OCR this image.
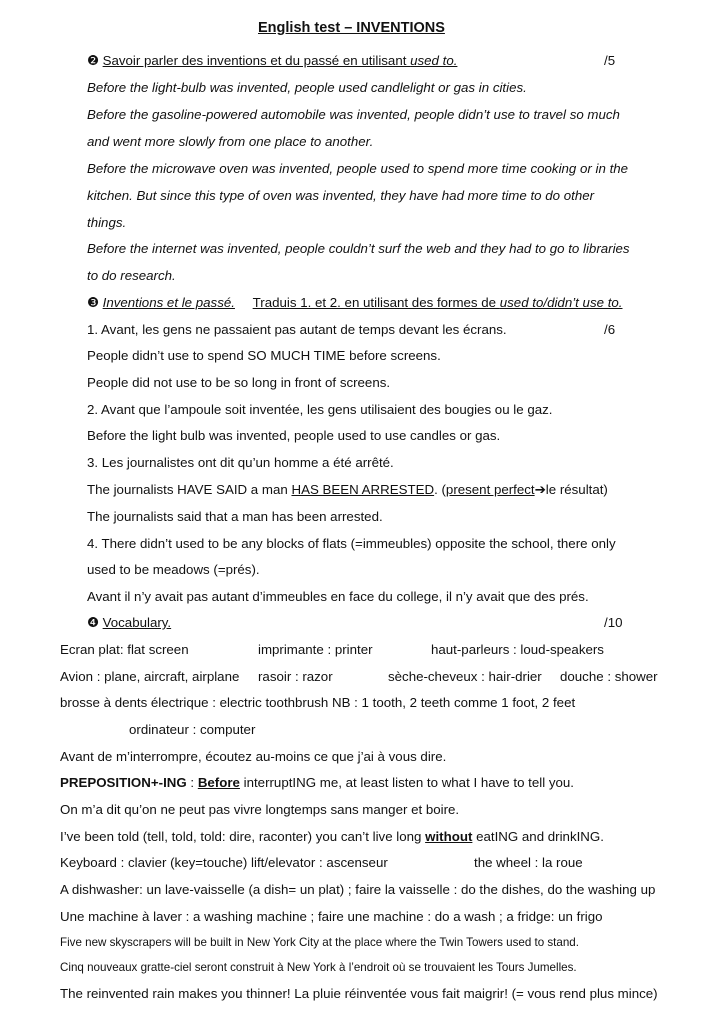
English test – INVENTIONS
❷ Savoir parler des inventions et du passé en utilisant used to.	/5
Before the light-bulb was invented, people used candlelight or gas in cities.
Before the gasoline-powered automobile was invented, people didn’t use to travel so much
and went more slowly from one place to another.
Before the microwave oven was invented, people used to spend more time cooking or in the
kitchen. But since this type of oven was invented, they have had more time to do other
things.
Before the internet was invented, people couldn’t surf the web and they had to go to libraries
to do research.
❸ Inventions et le passé. Traduis 1. et 2. en utilisant des formes de used to/didn’t use to.
1. Avant, les gens ne passaient pas autant de temps devant les écrans.	/6
People didn’t use to spend SO MUCH TIME before screens.
People did not use to be so long in front of screens.
2. Avant que l’ampoule soit inventée, les gens utilisaient des bougies ou le gaz.
Before the light bulb was invented, people used to use candles or gas.
3. Les journalistes ont dit qu’un homme a été arrêté.
The journalists HAVE SAID a man HAS BEEN ARRESTED. (present perfect➔le résultat)
The journalists said that a man has been arrested.
4. There didn’t used to be any blocks of flats (=immeubles) opposite the school, there only
used to be meadows (=prés).
Avant il n’y avait pas autant d’immeubles en face du college, il n’y avait que des prés.
❹ Vocabulary.	/10
Ecran plat: flat screen	imprimante : printer	haut-parleurs : loud-speakers
Avion : plane, aircraft, airplane rasoir : razor	sèche-cheveux : hair-drier douche : shower
brosse à dents électrique : electric toothbrush NB : 1 tooth, 2 teeth comme 1 foot, 2 feet
ordinateur : computer
Avant de m’interrompre, écoutez au-moins ce que j’ai à vous dire.
PREPOSITION+-ING : Before interruptING me, at least listen to what I have to tell you.
On m’a dit qu’on ne peut pas vivre longtemps sans manger et boire.
I’ve been told (tell, told, told: dire, raconter) you can’t live long without eatING and drinkING.
Keyboard : clavier (key=touche) lift/elevator : ascenseur	the wheel : la roue
A dishwasher: un lave-vaisselle (a dish= un plat) ; faire la vaisselle : do the dishes, do the washing up
Une machine à laver : a washing machine ; faire une machine : do a wash ; a fridge: un frigo
Five new skyscrapers will be built in New York City at the place where the Twin Towers used to stand.
Cinq nouveaux gratte-ciel seront construit à New York à l’endroit où se trouvaient les Tours Jumelles.
The reinvented rain makes you thinner! La pluie réinventée vous fait maigrir! (= vous rend plus mince)
